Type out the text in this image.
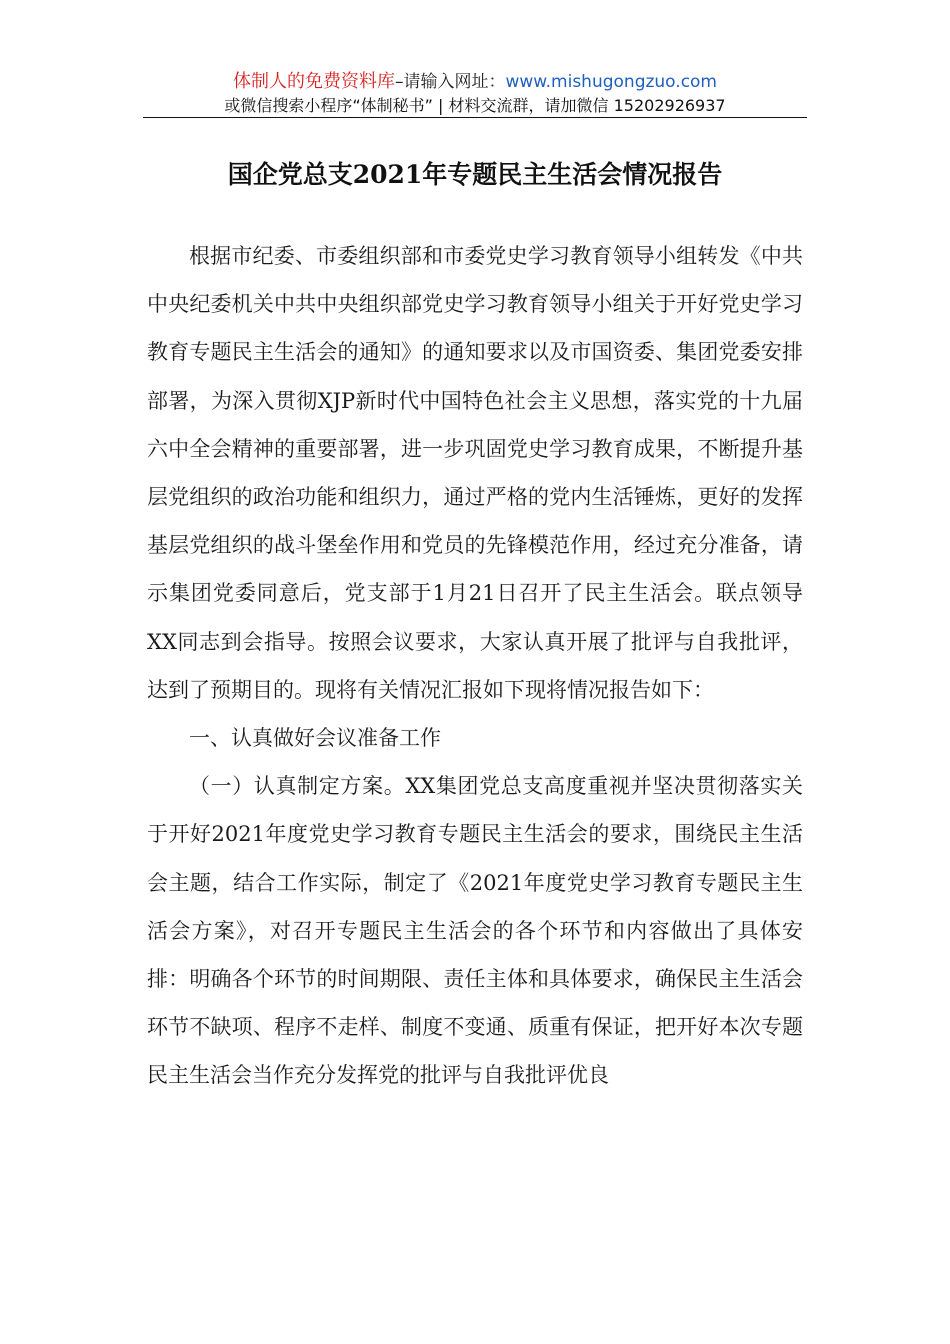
体制人的免费资料库–请输入网址：www.mishugongzuo.com
或微信搜索小程序“体制秘书” | 材料交流群，请加微信 15202926937
国企党总支2021年专题民主生活会情况报告

根据市纪委、市委组织部和市委党史学习教育领导小组转发《中共中央纪委机关中共中央组织部党史学习教育领导小组关于开好党史学习教育专题民主生活会的通知》的通知要求以及市国资委、集团党委安排部署，为深入贯彻XJP新时代中国特色社会主义思想，落实党的十九届六中全会精神的重要部署，进一步巩固党史学习教育成果，不断提升基层党组织的政治功能和组织力，通过严格的党内生活锤炼，更好的发挥基层党组织的战斗堡垒作用和党员的先锋模范作用，经过充分准备，请示集团党委同意后，党支部于1月21日召开了民主生活会。联点领导XX同志到会指导。按照会议要求，大家认真开展了批评与自我批评，达到了预期目的。现将有关情况汇报如下现将情况报告如下：

一、认真做好会议准备工作

（一）认真制定方案。XX集团党总支高度重视并坚决贯彻落实关于开好2021年度党史学习教育专题民主生活会的要求，围绕民主生活会主题，结合工作实际，制定了《2021年度党史学习教育专题民主生活会方案》，对召开专题民主生活会的各个环节和内容做出了具体安排：明确各个环节的时间期限、责任主体和具体要求，确保民主生活会环节不缺项、程序不走样、制度不变通、质重有保证，把开好本次专题民主生活会当作充分发挥党的批评与自我批评优良
